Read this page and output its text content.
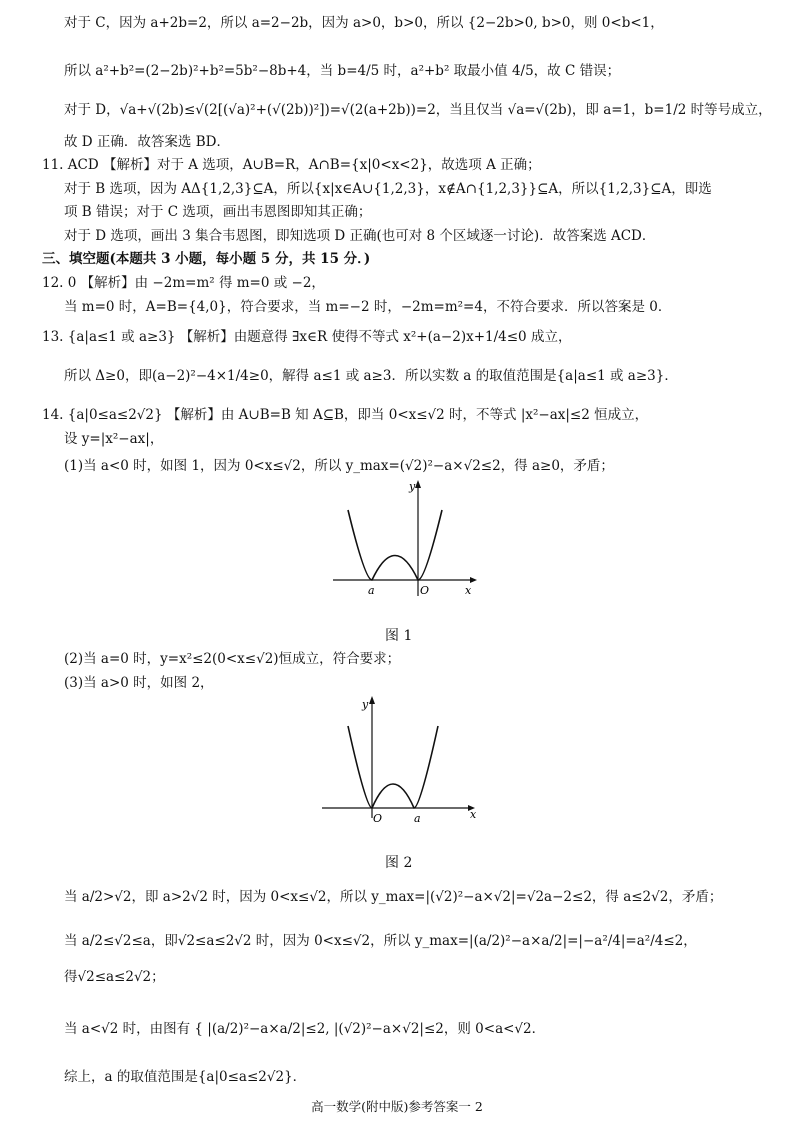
对于 C，因为 a+2b=2，所以 a=2−2b，因为 a>0，b>0，所以 {2−2b>0, b>0，则 0<b<1，
所以 a²+b²=(2−2b)²+b²=5b²−8b+4，当 b=4/5 时，a²+b² 取最小值 4/5，故 C 错误；
对于 D，√a+√(2b)≤√(2[(√a)²+(√(2b))²])=√(2(a+2b))=2，当且仅当 √a=√(2b)，即 a=1，b=1/2 时等号成立，
故 D 正确．故答案选 BD．
11. ACD 【解析】对于 A 选项，A∪B=R，A∩B={x|0<x<2}，故选项 A 正确；
对于 B 选项，因为 AΔ{1,2,3}⊆A，所以{x|x∈A∪{1,2,3}，x∉A∩{1,2,3}}⊆A，所以{1,2,3}⊆A，即选
项 B 错误；对于 C 选项，画出韦恩图即知其正确；
对于 D 选项，画出 3 集合韦恩图，即知选项 D 正确(也可对 8 个区域逐一讨论)．故答案选 ACD．
三、填空题(本题共 3 小题，每小题 5 分，共 15 分．)
12. 0 【解析】由 −2m=m² 得 m=0 或 −2，
当 m=0 时，A=B={4,0}，符合要求，当 m=−2 时，−2m=m²=4，不符合要求．所以答案是 0．
13. {a|a≤1 或 a≥3} 【解析】由题意得 ∃x∈R 使得不等式 x²+(a−2)x+1/4≤0 成立，
所以 Δ≥0，即(a−2)²−4×1/4≥0，解得 a≤1 或 a≥3．所以实数 a 的取值范围是{a|a≤1 或 a≥3}．
14. {a|0≤a≤2√2} 【解析】由 A∪B=B 知 A⊆B，即当 0<x≤√2 时，不等式 |x²−ax|≤2 恒成立，
设 y=|x²−ax|，
(1)当 a<0 时，如图 1，因为 0<x≤√2，所以 y_max=(√2)²−a×√2≤2，得 a≥0，矛盾；
y
x
a	O
图 1
(2)当 a=0 时，y=x²≤2(0<x≤√2)恒成立，符合要求；
(3)当 a>0 时，如图 2，
y
x
O	a
图 2
当 a/2>√2，即 a>2√2 时，因为 0<x≤√2，所以 y_max=|(√2)²−a×√2|=√2a−2≤2，得 a≤2√2，矛盾；
当 a/2≤√2≤a，即√2≤a≤2√2 时，因为 0<x≤√2，所以 y_max=|(a/2)²−a×a/2|=|−a²/4|=a²/4≤2，
得√2≤a≤2√2；
当 a<√2 时，由图有 { |(a/2)²−a×a/2|≤2, |(√2)²−a×√2|≤2，则 0<a<√2．
综上，a 的取值范围是{a|0≤a≤2√2}．
高一数学(附中版)参考答案一 2
